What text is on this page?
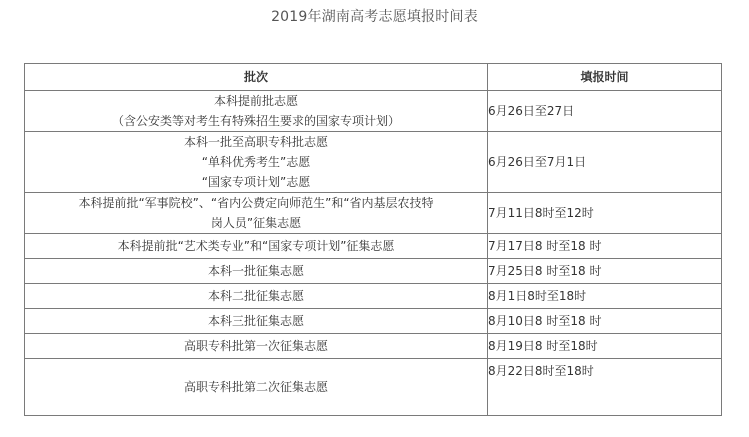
2019年湖南高考志愿填报时间表
批次	填报时间

本科提前批志愿
（含公安类等对考生有特殊招生要求的国家专项计划）	6月26日至27日

本科一批至高职专科批志愿
“单科优秀考生”志愿
“国家专项计划”志愿	6月26日至7月1日

本科提前批“军事院校”、“省内公费定向师范生”和“省内基层农技特
岗人员”征集志愿	7月11日8时至12时

本科提前批“艺术类专业”和“国家专项计划”征集志愿	7月17日8 时至18 时

本科一批征集志愿	7月25日8 时至18 时

本科二批征集志愿	8月1日8时至18时

本科三批征集志愿	8月10日8 时至18 时

高职专科批第一次征集志愿	8月19日8 时至18时

高职专科批第二次征集志愿	8月22日8时至18时
